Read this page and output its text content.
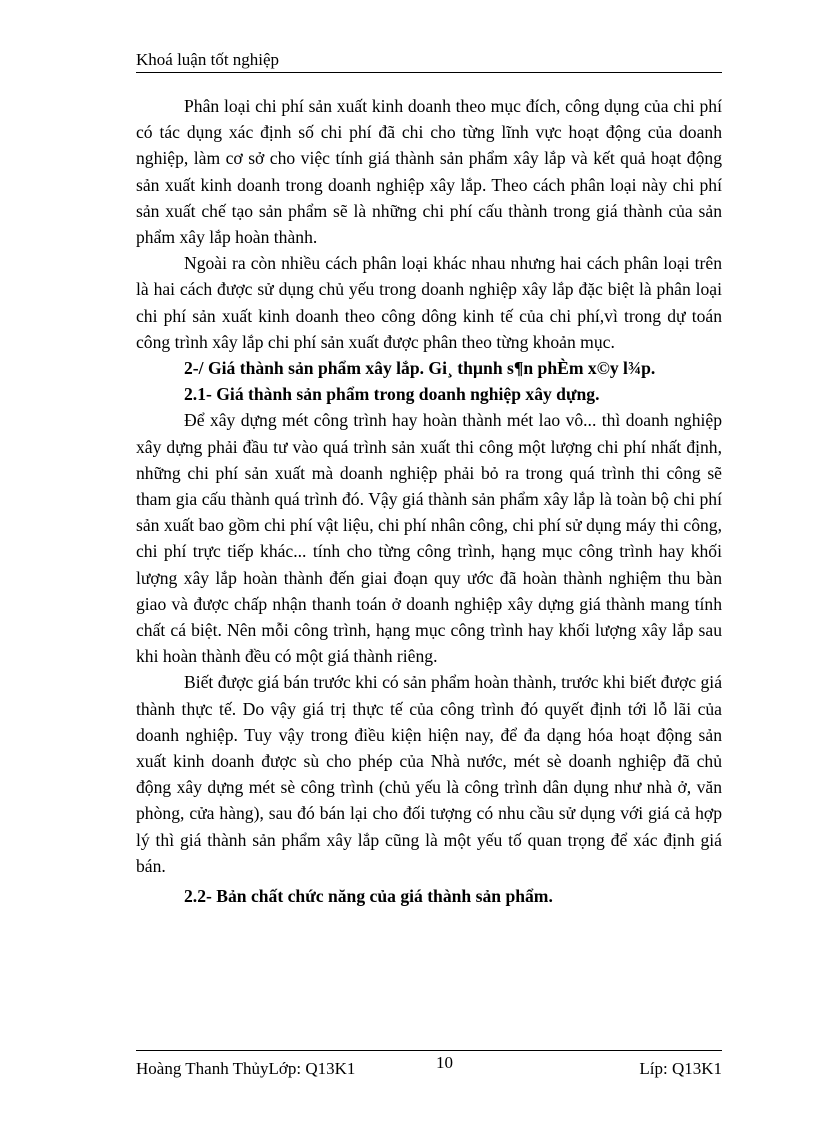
Khoá luận tốt nghiệp

Phân loại chi phí sản xuất kinh doanh theo mục đích, công dụng của chi phí có tác dụng xác định số chi phí đã chi cho từng lĩnh vực hoạt động của doanh nghiệp, làm cơ sở cho việc tính giá thành sản phẩm xây lắp và kết quả hoạt động sản xuất kinh doanh trong doanh nghiệp xây lắp. Theo cách phân loại này chi phí sản xuất chế tạo sản phẩm sẽ là những chi phí cấu thành trong giá thành của sản phẩm xây lắp hoàn thành.

Ngoài ra còn nhiều cách phân loại khác nhau nhưng hai cách phân loại trên là hai cách được sử dụng chủ yếu trong doanh nghiệp xây lắp đặc biệt là phân loại chi phí sản xuất kinh doanh theo công dông kinh tế của chi phí,vì trong dự toán công trình xây lắp chi phí sản xuất được phân theo từng khoản mục.

2-/ Giá thành sản phẩm xây lắp. Gi¸ thµnh s¶n phÈm x©y l¾p.

2.1- Giá thành sản phẩm trong doanh nghiệp xây dựng.

Để xây dựng mét công trình hay hoàn thành mét lao vô... thì doanh nghiệp xây dựng phải đầu tư vào quá trình sản xuất thi công một lượng chi phí nhất định, những chi phí sản xuất mà doanh nghiệp phải bỏ ra trong quá trình thi công sẽ tham gia cấu thành quá trình đó. Vậy giá thành sản phẩm xây lắp là toàn bộ chi phí sản xuất bao gồm chi phí vật liệu, chi phí nhân công, chi phí sử dụng máy thi công, chi phí trực tiếp khác... tính cho từng công trình, hạng mục công trình hay khối lượng xây lắp hoàn thành đến giai đoạn quy ước đã hoàn thành nghiệm thu bàn giao và được chấp nhận thanh toán ở doanh nghiệp xây dựng giá thành mang tính chất cá biệt. Nên mỗi công trình, hạng mục công trình hay khối lượng xây lắp sau khi hoàn thành đều có một giá thành riêng.

Biết được giá bán trước khi có sản phẩm hoàn thành, trước khi biết được giá thành thực tế. Do vậy giá trị thực tế của công trình đó quyết định tới lỗ lãi của doanh nghiệp. Tuy vậy trong điều kiện hiện nay, để đa dạng hóa hoạt động sản xuất kinh doanh được sù cho phép của Nhà nước, mét sè doanh nghiệp đã chủ động xây dựng mét sè công trình (chủ yếu là công trình dân dụng như nhà ở, văn phòng, cửa hàng), sau đó bán lại cho đối tượng có nhu cầu sử dụng với giá cả hợp lý thì giá thành sản phẩm xây lắp cũng là một yếu tố quan trọng để xác định giá bán.

2.2- Bản chất chức năng của giá thành sản phẩm.

Hoàng Thanh ThủyLớp: Q13K1	10	Líp: Q13K1
